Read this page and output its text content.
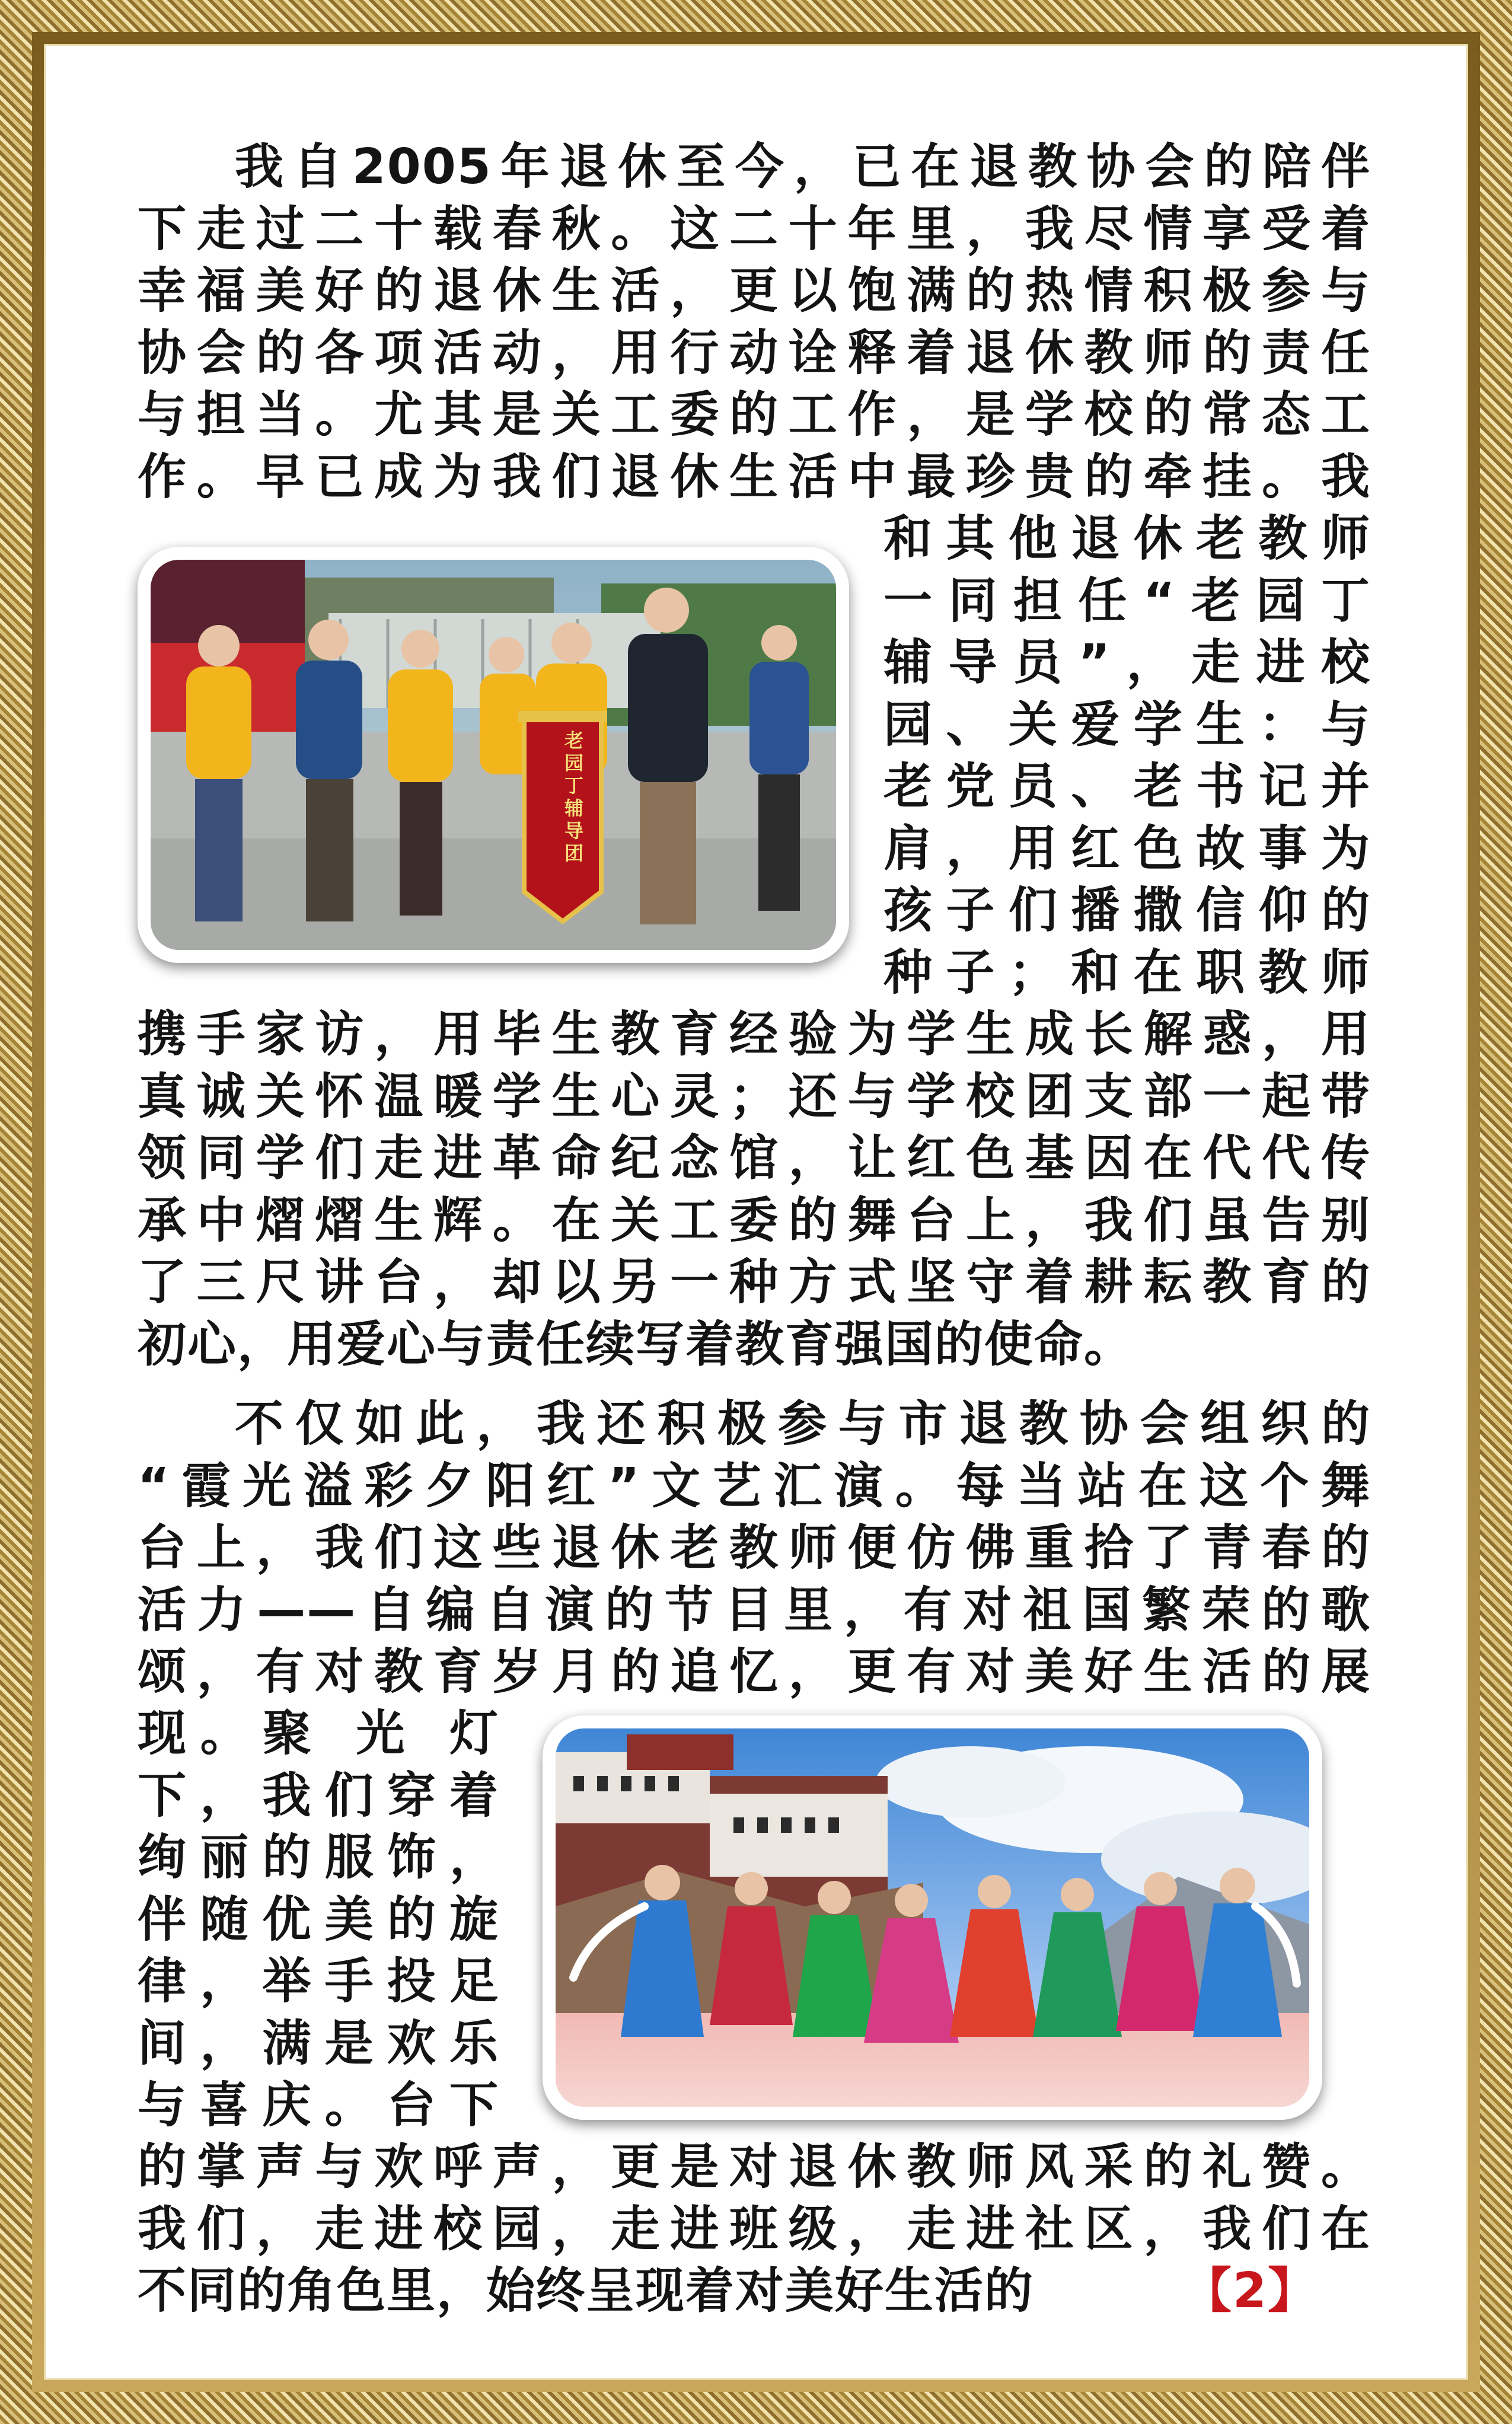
我自2005年退休至今，已在退教协会的陪伴
下走过二十载春秋。这二十年里，我尽情享受着
幸福美好的退休生活，更以饱满的热情积极参与
协会的各项活动，用行动诠释着退休教师的责任
与担当。尤其是关工委的工作，是学校的常态工
作。早已成为我们退休生活中最珍贵的牵挂。我
老园丁辅导团
和其他退休老教师
一同担任“老园丁
辅导员”，走进校
园、关爱学生：与
老党员、老书记并
肩，用红色故事为
孩子们播撒信仰的
种子；和在职教师
携手家访，用毕生教育经验为学生成长解惑，用
真诚关怀温暖学生心灵；还与学校团支部一起带
领同学们走进革命纪念馆，让红色基因在代代传
承中熠熠生辉。在关工委的舞台上，我们虽告别
了三尺讲台，却以另一种方式坚守着耕耘教育的
初心，用爱心与责任续写着教育强国的使命。
不仅如此，我还积极参与市退教协会组织的
“霞光溢彩夕阳红”文艺汇演。每当站在这个舞
台上，我们这些退休老教师便仿佛重拾了青春的
活力——自编自演的节目里，有对祖国繁荣的歌
颂，有对教育岁月的追忆，更有对美好生活的展
现。聚 光 灯
下，我们穿着
绚丽的服饰，
伴随优美的旋
律，举手投足
间，满是欢乐
与喜庆。台下
的掌声与欢呼声，更是对退休教师风采的礼赞。
我们，走进校园，走进班级，走进社区，我们在
不同的角色里，始终呈现着对美好生活的	【2】
